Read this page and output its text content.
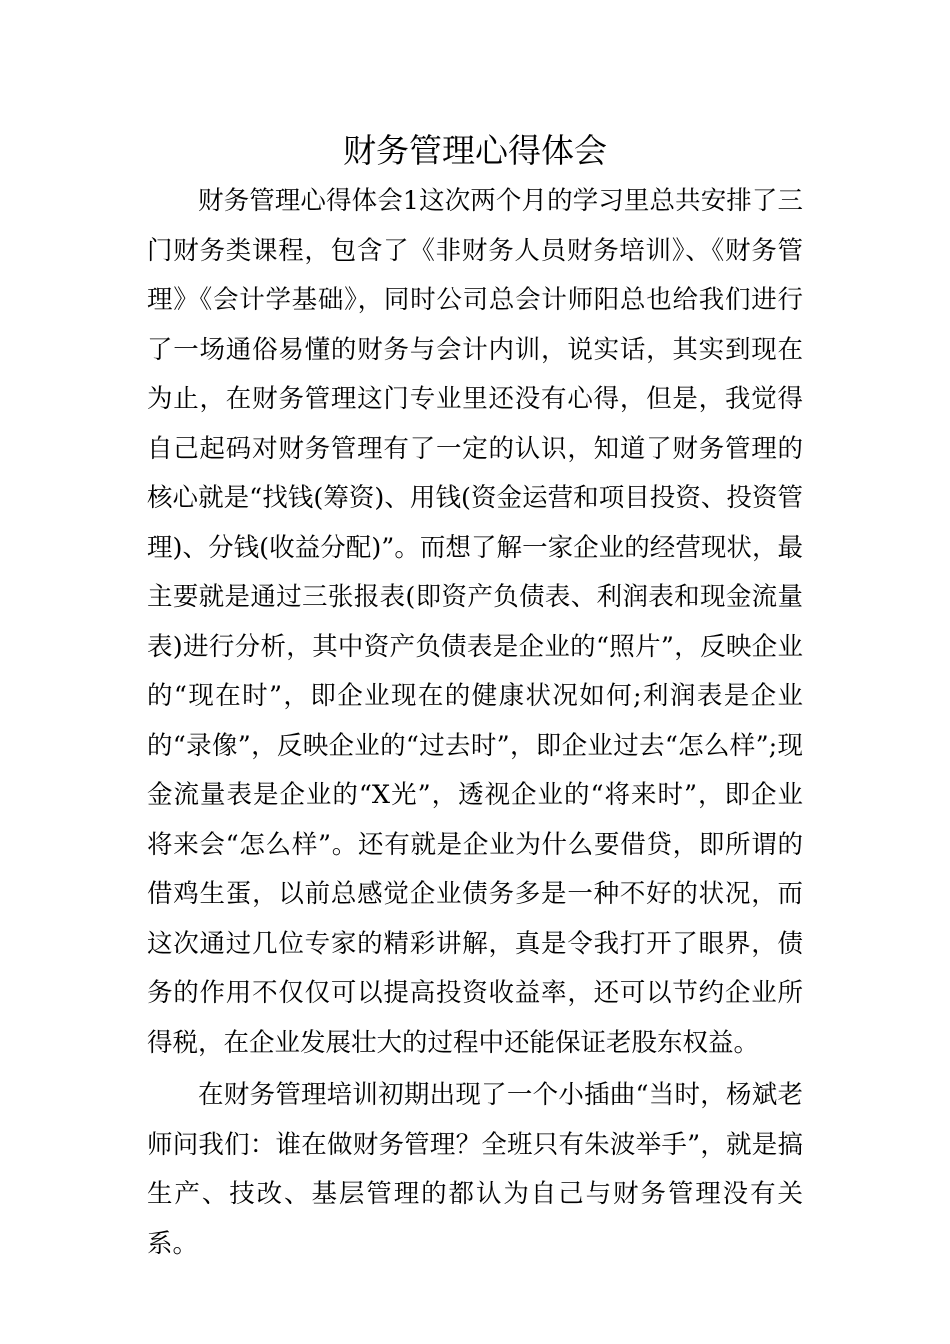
财务管理心得体会

财务管理心得体会1这次两个月的学习里总共安排了三门财务类课程，包含了《非财务人员财务培训》、《财务管理》《会计学基础》，同时公司总会计师阳总也给我们进行了一场通俗易懂的财务与会计内训，说实话，其实到现在为止，在财务管理这门专业里还没有心得，但是，我觉得自己起码对财务管理有了一定的认识，知道了财务管理的核心就是“找钱(筹资)、用钱(资金运营和项目投资、投资管理)、分钱(收益分配)”。而想了解一家企业的经营现状，最主要就是通过三张报表(即资产负债表、利润表和现金流量表)进行分析，其中资产负债表是企业的“照片”，反映企业的“现在时”，即企业现在的健康状况如何;利润表是企业的“录像”，反映企业的“过去时”，即企业过去“怎么样”;现金流量表是企业的“X光”，透视企业的“将来时”，即企业将来会“怎么样”。还有就是企业为什么要借贷，即所谓的借鸡生蛋，以前总感觉企业债务多是一种不好的状况，而这次通过几位专家的精彩讲解，真是令我打开了眼界，债务的作用不仅仅可以提高投资收益率，还可以节约企业所得税，在企业发展壮大的过程中还能保证老股东权益。

在财务管理培训初期出现了一个小插曲“当时，杨斌老师问我们：谁在做财务管理？全班只有朱波举手”，就是搞生产、技改、基层管理的都认为自己与财务管理没有关系。
